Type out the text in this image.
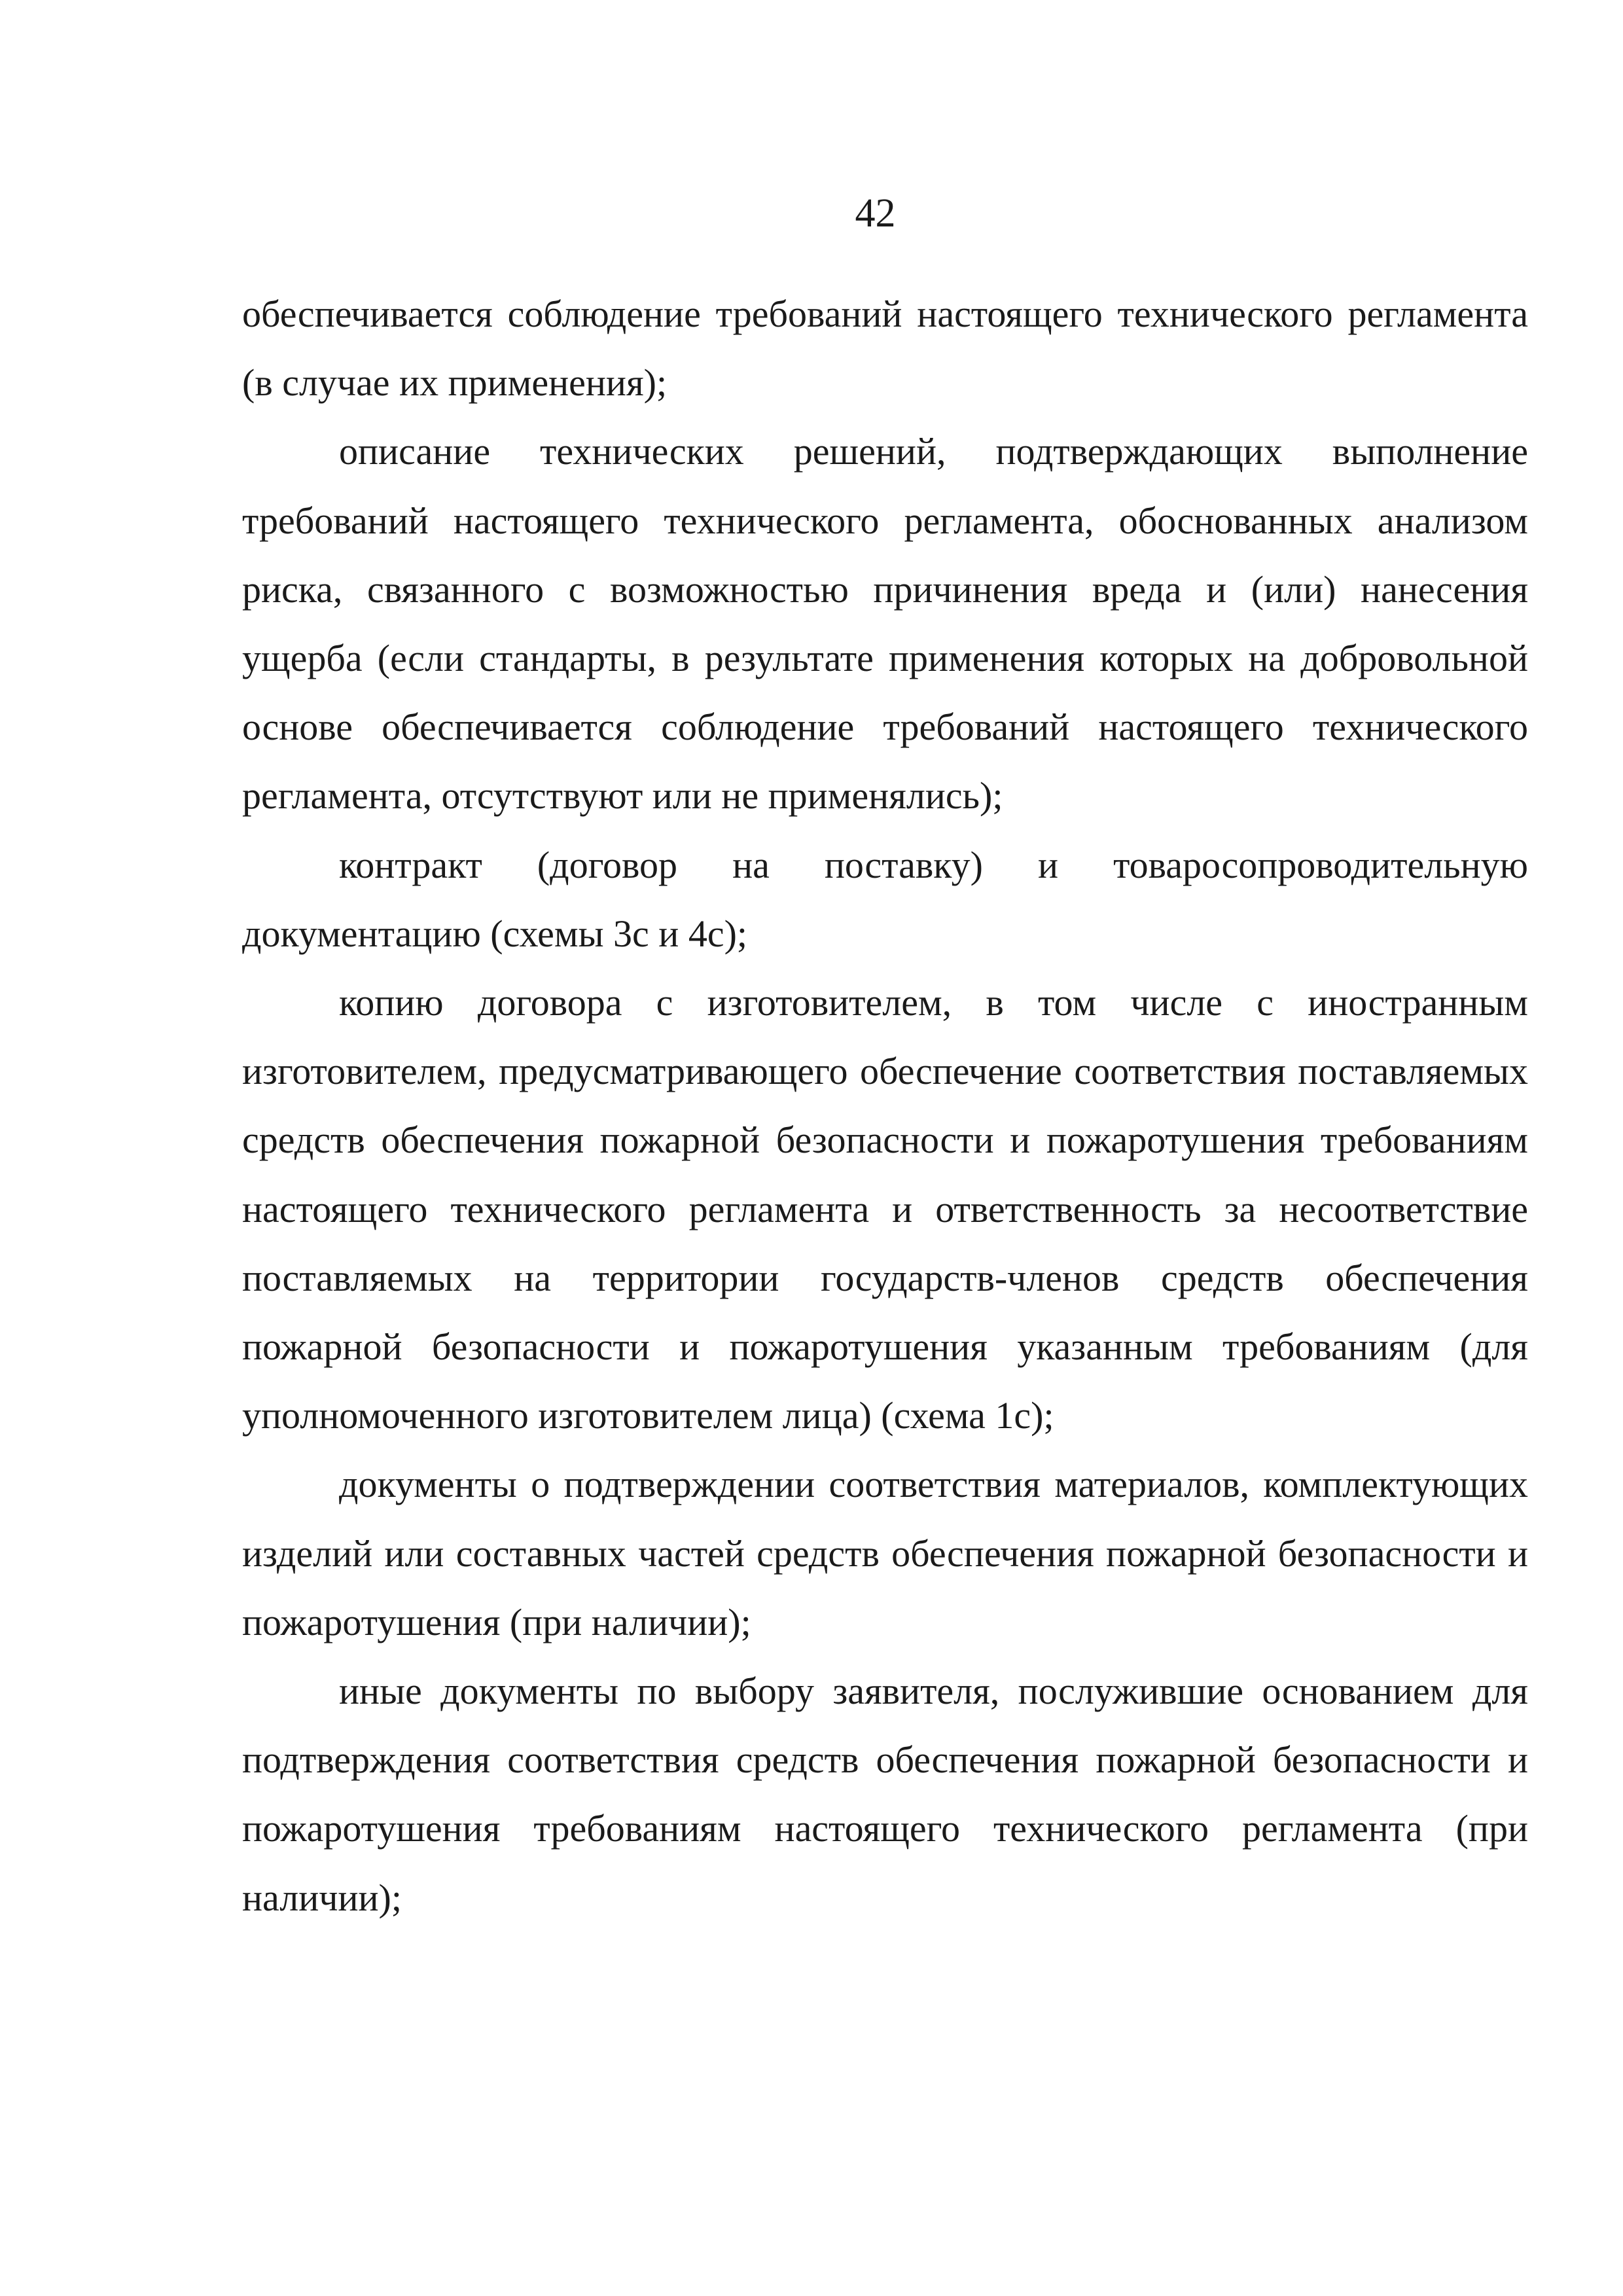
42

обеспечивается соблюдение требований настоящего технического регламента (в случае их применения);

описание технических решений, подтверждающих выполнение требований настоящего технического регламента, обоснованных анализом риска, связанного с возможностью причинения вреда и (или) нанесения ущерба (если стандарты, в результате применения которых на добровольной основе обеспечивается соблюдение требований настоящего технического регламента, отсутствуют или не применялись);

контракт (договор на поставку) и товаросопроводительную документацию (схемы 3с и 4с);

копию договора с изготовителем, в том числе с иностранным изготовителем, предусматривающего обеспечение соответствия поставляемых средств обеспечения пожарной безопасности и пожаротушения требованиям настоящего технического регламента и ответственность за несоответствие поставляемых на территории государств-членов средств обеспечения пожарной безопасности и пожаротушения указанным требованиям (для уполномоченного изготовителем лица) (схема 1с);

документы о подтверждении соответствия материалов, комплектующих изделий или составных частей средств обеспечения пожарной безопасности и пожаротушения (при наличии);

иные документы по выбору заявителя, послужившие основанием для подтверждения соответствия средств обеспечения пожарной безопасности и пожаротушения требованиям настоящего технического регламента (при наличии);
